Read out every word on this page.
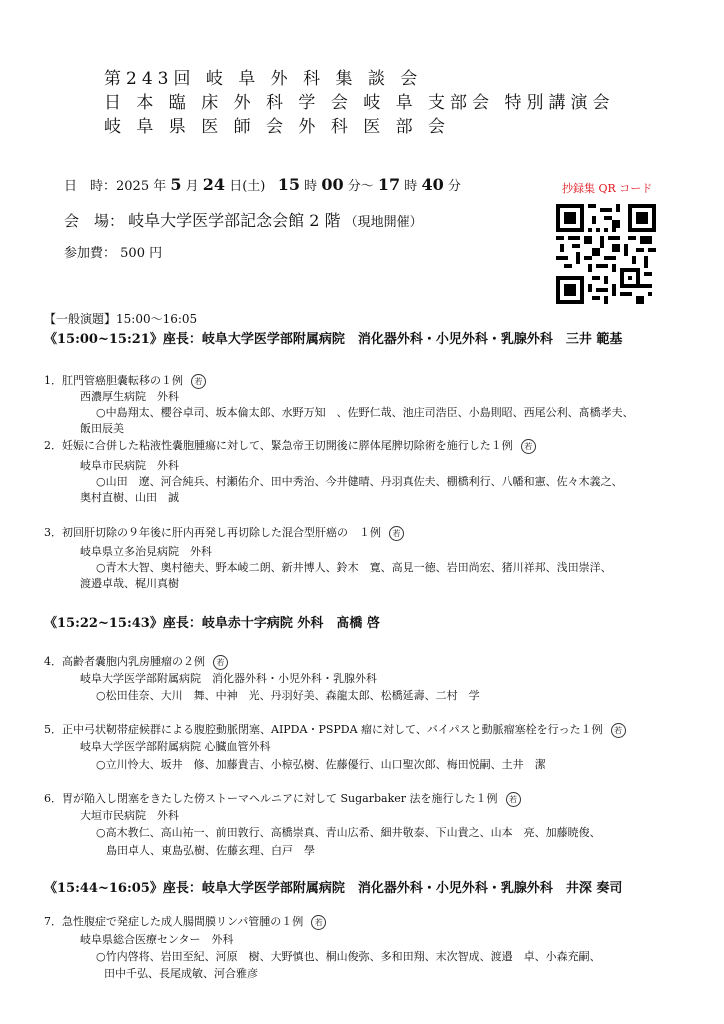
第243回 岐 阜 外 科 集 談 会
日 本 臨 床 外 科 学 会 岐 阜 支部会 特別講演会
岐 阜 県 医 師 会 外 科 医 部 会
日　時：2025 年 5 月 24 日(土) 15 時 00 分～ 17 時 40 分
会　場： 岐阜大学医学部記念会館 2 階 （現地開催）
参加費： 500 円
抄録集 QR コード
【一般演題】15:00～16:05
《15:00~15:21》座長：岐阜大学医学部附属病院　消化器外科・小児外科・乳腺外科　三井 範基
1．肛門管癌胆嚢転移の１例 若
西濃厚生病院　外科
○中島翔太、櫻谷卓司、坂本倫太郎、水野万知　、佐野仁哉、池庄司浩臣、小島則昭、西尾公利、髙橋孝夫、
飯田辰美
2．妊娠に合併した粘液性嚢胞腫瘍に対して、緊急帝王切開後に膵体尾脾切除術を施行した１例 若
岐阜市民病院　外科
○山田　遼、河合純兵、村瀬佑介、田中秀治、今井健晴、丹羽真佐夫、棚橋利行、八幡和憲、佐々木義之、
奥村直樹、山田　誠
3．初回肝切除の９年後に肝内再発し再切除した混合型肝癌の　１例 若
岐阜県立多治見病院　外科
○青木大智、奥村徳夫、野本崚二朗、新井博人、鈴木　寛、高見一徳、岩田尚宏、猪川祥邦、浅田崇洋、
渡邉卓哉、梶川真樹
《15:22~15:43》座長：岐阜赤十字病院 外科　髙橋 啓
4．高齢者嚢胞内乳房腫瘤の２例 若
岐阜大学医学部附属病院　消化器外科・小児外科・乳腺外科
○松田佳奈、大川　舞、中神　光、丹羽好美、森龍太郎、松橋延壽、二村　学
5．正中弓状靭帯症候群による腹腔動脈閉塞、AIPDA・PSPDA 瘤に対して、バイパスと動脈瘤塞栓を行った１例 若
岐阜大学医学部附属病院 心臓血管外科
○立川怜大、坂井　修、加藤貴吉、小椋弘樹、佐藤優行、山口聖次郎、梅田悦嗣、土井　潔
6．胃が陥入し閉塞をきたした傍ストーマヘルニアに対して Sugarbaker 法を施行した１例 若
大垣市民病院　外科
○高木教仁、高山祐一、前田敦行、高橋崇真、青山広希、細井敬泰、下山貴之、山本　亮、加藤暁俊、
島田卓人、東島弘樹、佐藤玄理、白戸　學
《15:44~16:05》座長：岐阜大学医学部附属病院　消化器外科・小児外科・乳腺外科　井深 奏司
7．急性腹症で発症した成人腸間膜リンパ管腫の１例 若
岐阜県総合医療センター　外科
○竹内啓将、岩田至紀、河原　樹、大野慎也、桐山俊弥、多和田翔、末次智成、渡邉　卓、小森充嗣、
田中千弘、長尾成敏、河合雅彦
